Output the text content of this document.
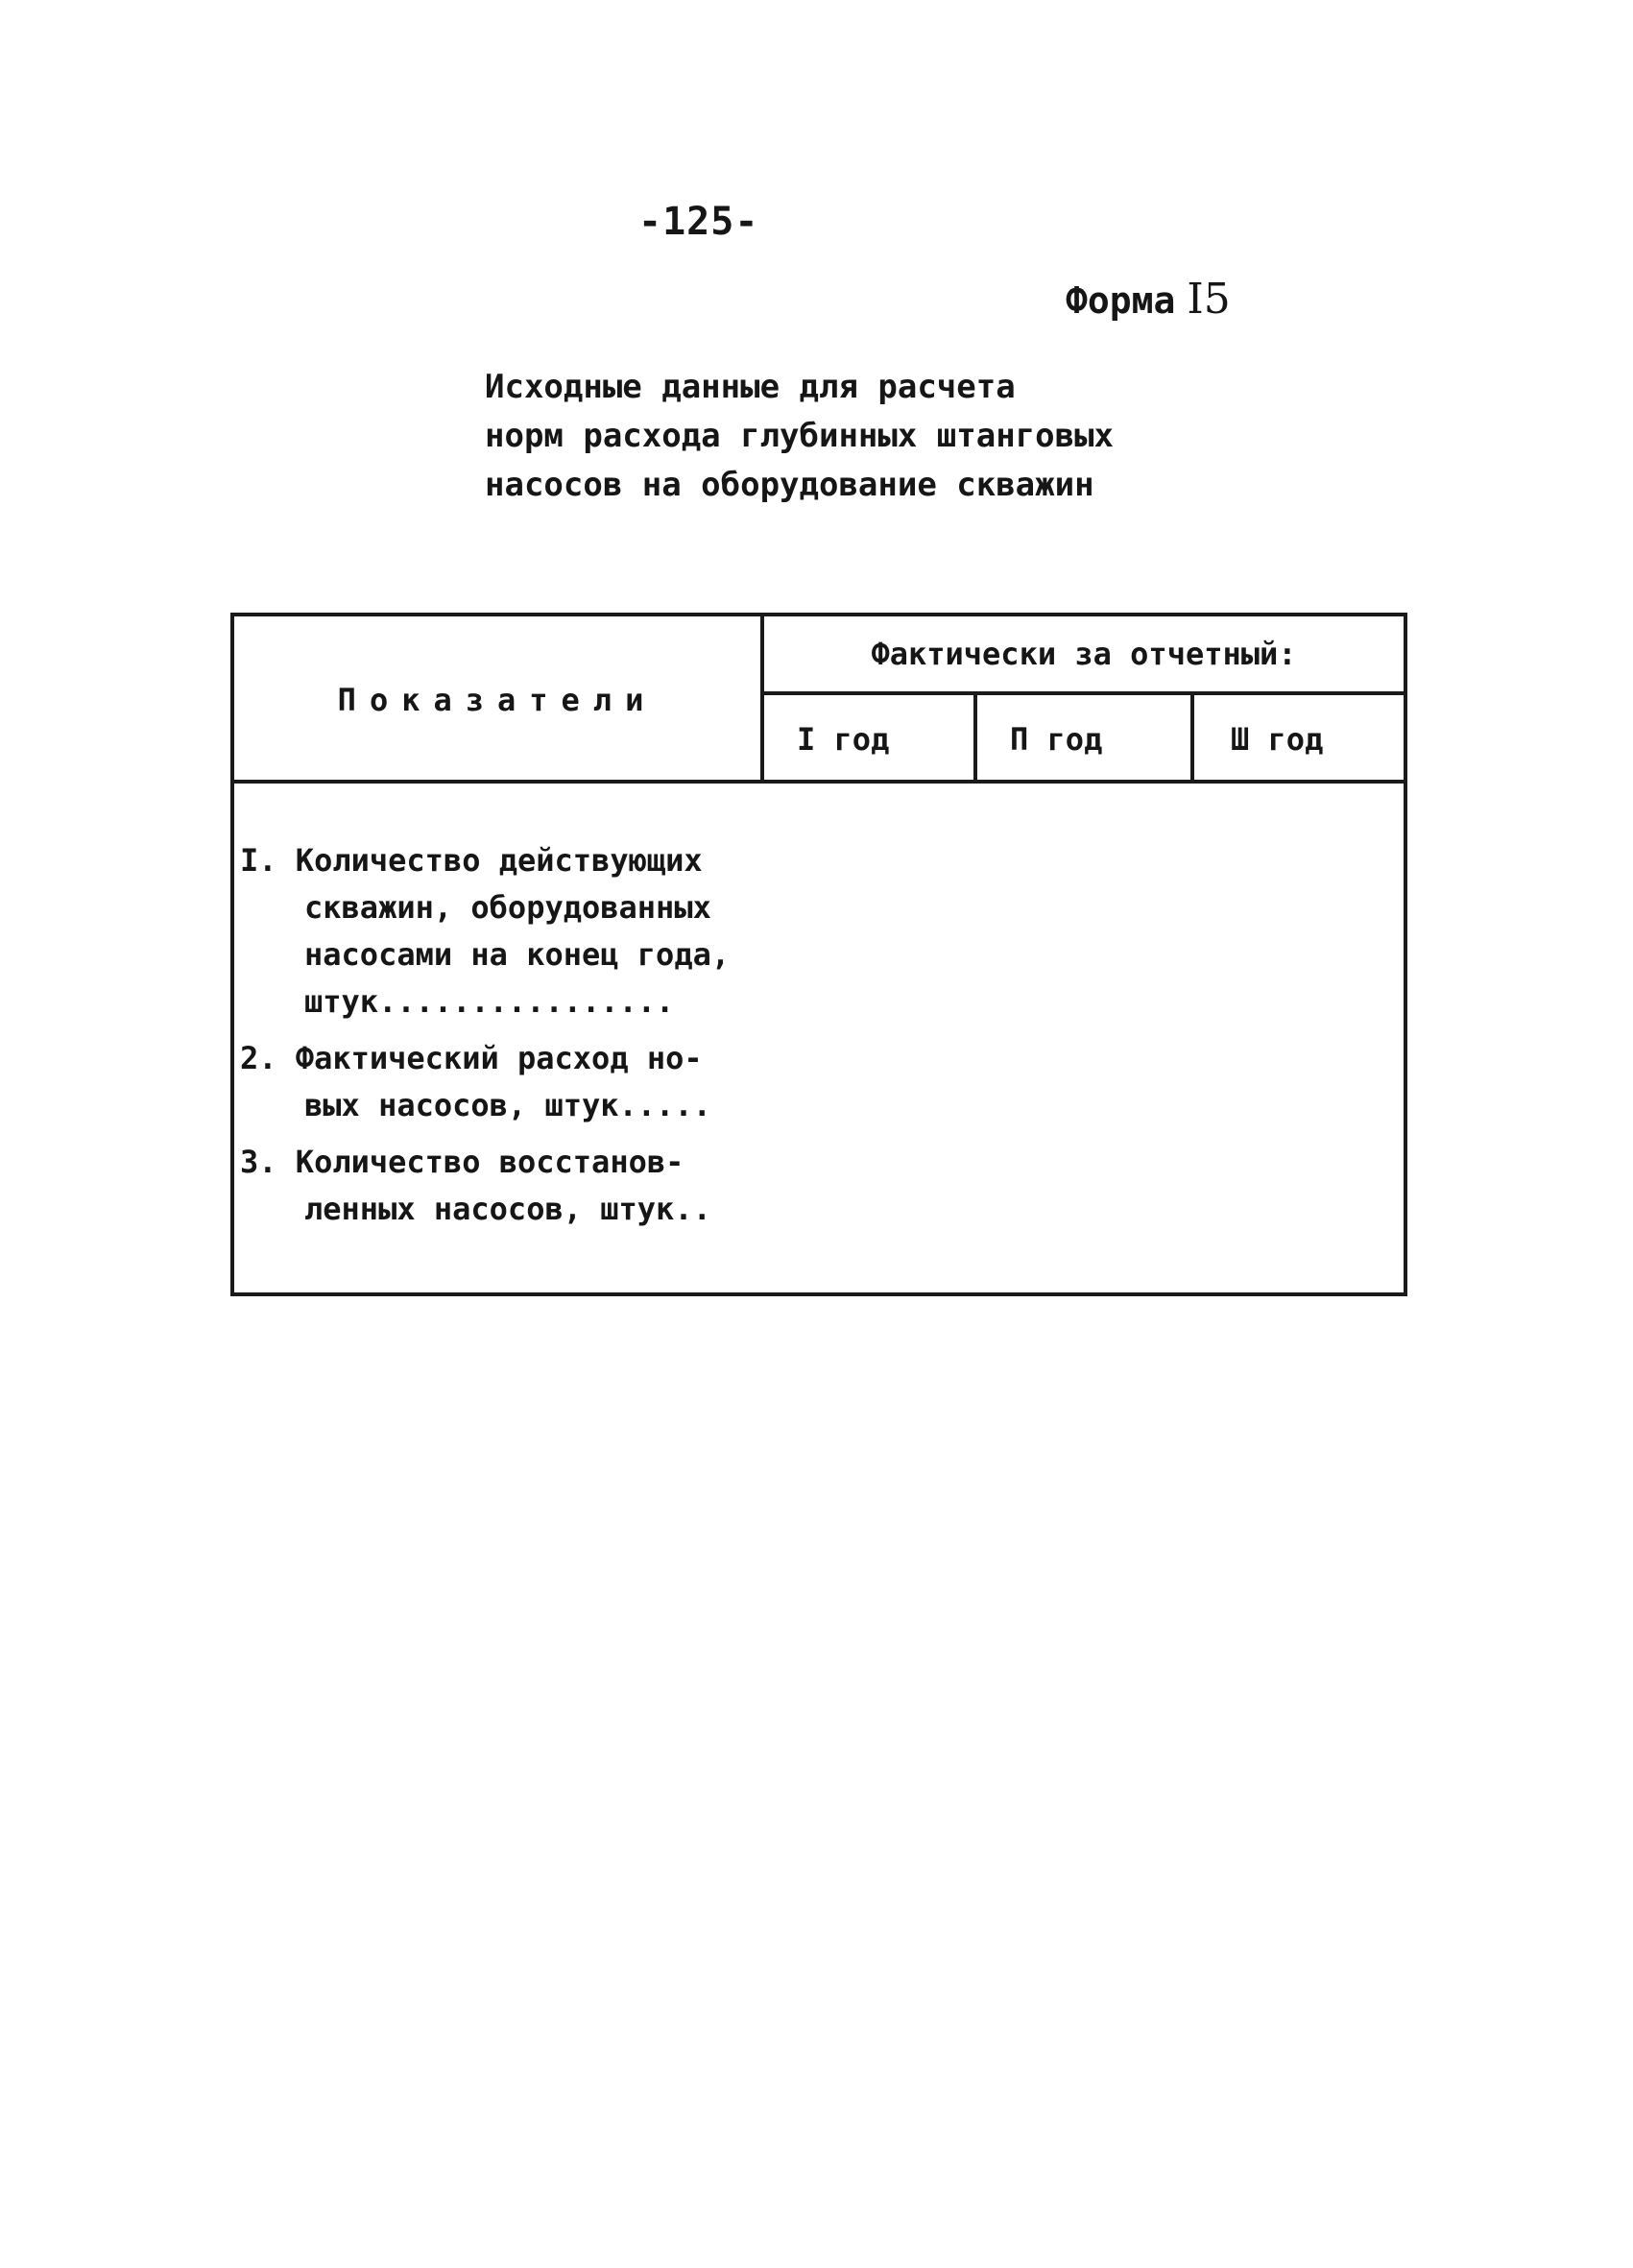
-125-
Форма I5
Исходные данные для расчета
норм расхода глубинных штанговых
насосов на оборудование скважин
Показатели
Фактически за отчетный:
I год	П год	Ш год
I. Количество действующих
скважин, оборудованных
насосами на конец года,
штук................
2. Фактический расход но-
вых насосов, штук.....
3. Количество восстанов-
ленных насосов, штук..
